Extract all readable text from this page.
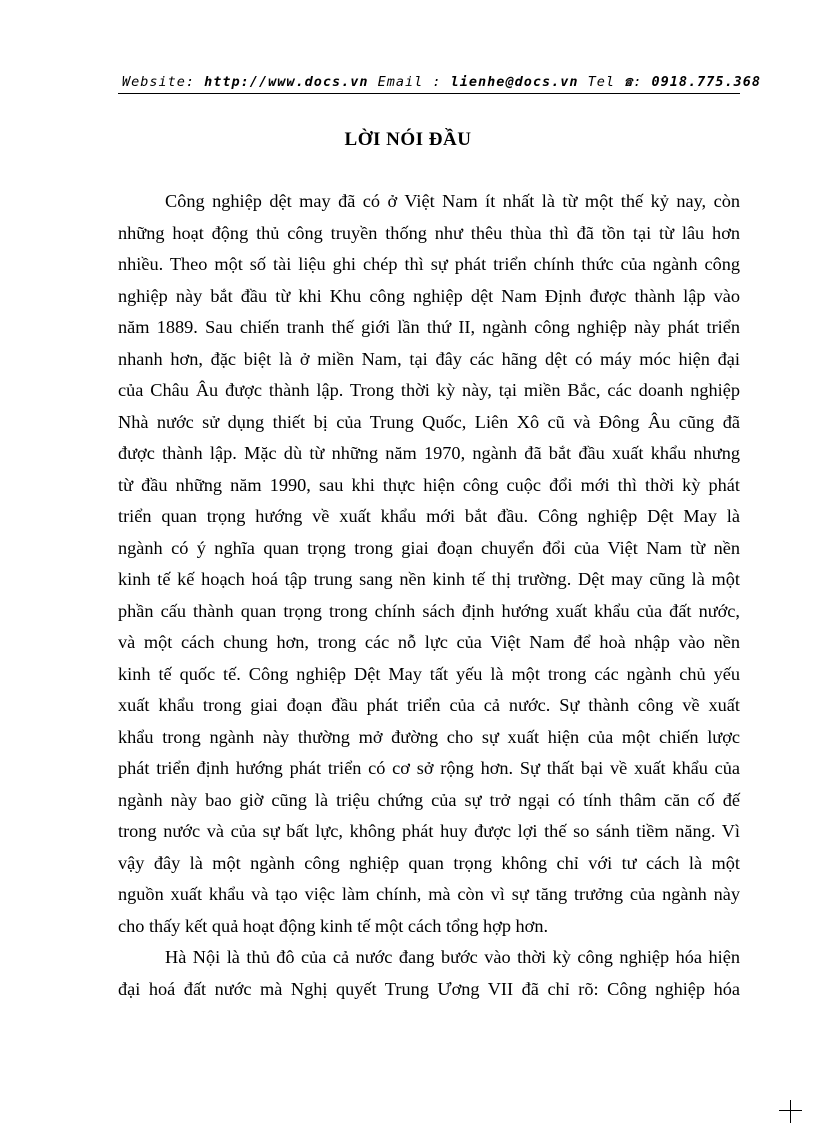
Website: http://www.docs.vn Email : lienhe@docs.vn Tel ☎: 0918.775.368
LỜI NÓI ĐẦU

Công nghiệp dệt may đã có ở Việt Nam ít nhất là từ một thế kỷ nay, còn
những hoạt động thủ công truyền thống như thêu thùa thì đã tồn tại từ lâu hơn
nhiều. Theo một số tài liệu ghi chép thì sự phát triển chính thức của ngành công
nghiệp này bắt đầu từ khi Khu công nghiệp dệt Nam Định được thành lập vào
năm 1889. Sau chiến tranh thế giới lần thứ II, ngành công nghiệp này phát triển
nhanh hơn, đặc biệt là ở miền Nam, tại đây các hãng dệt có máy móc hiện đại
của Châu Âu được thành lập. Trong thời kỳ này, tại miền Bắc, các doanh nghiệp
Nhà nước sử dụng thiết bị của Trung Quốc, Liên Xô cũ và Đông Âu cũng đã
được thành lập. Mặc dù từ những năm 1970, ngành đã bắt đầu xuất khẩu nhưng
từ đầu những năm 1990, sau khi thực hiện công cuộc đổi mới thì thời kỳ phát
triển quan trọng hướng về xuất khẩu mới bắt đầu. Công nghiệp Dệt May là
ngành có ý nghĩa quan trọng trong giai đoạn chuyển đổi của Việt Nam từ nền
kinh tế kế hoạch hoá tập trung sang nền kinh tế thị trường. Dệt may cũng là một
phần cấu thành quan trọng trong chính sách định hướng xuất khẩu của đất nước,
và một cách chung hơn, trong các nỗ lực của Việt Nam để hoà nhập vào nền
kinh tế quốc tế. Công nghiệp Dệt May tất yếu là một trong các ngành chủ yếu
xuất khẩu trong giai đoạn đầu phát triển của cả nước. Sự thành công về xuất
khẩu trong ngành này thường mở đường cho sự xuất hiện của một chiến lược
phát triển định hướng phát triển có cơ sở rộng hơn. Sự thất bại về xuất khẩu của
ngành này bao giờ cũng là triệu chứng của sự trở ngại có tính thâm căn cố đế
trong nước và của sự bất lực, không phát huy được lợi thế so sánh tiềm năng. Vì
vậy đây là một ngành công nghiệp quan trọng không chỉ với tư cách là một
nguồn xuất khẩu và tạo việc làm chính, mà còn vì sự tăng trưởng của ngành này
cho thấy kết quả hoạt động kinh tế một cách tổng hợp hơn.

Hà Nội là thủ đô của cả nước đang bước vào thời kỳ công nghiệp hóa hiện
đại hoá đất nước mà Nghị quyết Trung Ương VII đã chỉ rõ: Công nghiệp hóa
